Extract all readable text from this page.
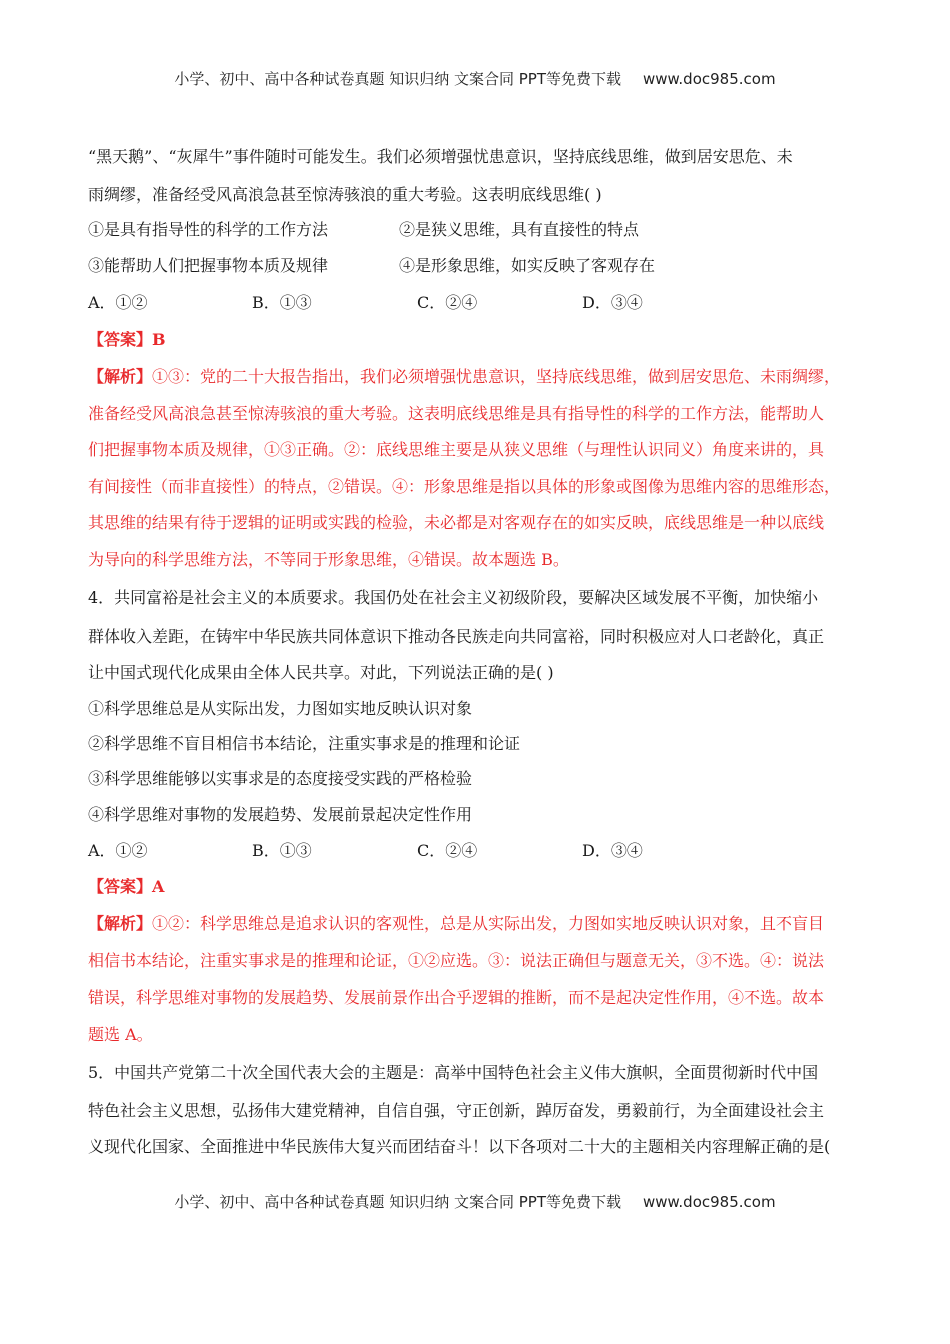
小学、初中、高中各种试卷真题 知识归纳 文案合同 PPT等免费下载 www.doc985.com
“黑天鹅”、“灰犀牛”事件随时可能发生。我们必须增强忧患意识，坚持底线思维，做到居安思危、未
雨绸缪，准备经受风高浪急甚至惊涛骇浪的重大考验。这表明底线思维( )
①是具有指导性的科学的工作方法	②是狭义思维，具有直接性的特点
③能帮助人们把握事物本质及规律	④是形象思维，如实反映了客观存在
A．①②	B．①③	C．②④	D．③④
【答案】B
【解析】①③：党的二十大报告指出，我们必须增强忧患意识，坚持底线思维，做到居安思危、未雨绸缪，
准备经受风高浪急甚至惊涛骇浪的重大考验。这表明底线思维是具有指导性的科学的工作方法，能帮助人
们把握事物本质及规律，①③正确。②：底线思维主要是从狭义思维（与理性认识同义）角度来讲的，具
有间接性（而非直接性）的特点，②错误。④：形象思维是指以具体的形象或图像为思维内容的思维形态，
其思维的结果有待于逻辑的证明或实践的检验，未必都是对客观存在的如实反映，底线思维是一种以底线
为导向的科学思维方法，不等同于形象思维，④错误。故本题选 B。
4．共同富裕是社会主义的本质要求。我国仍处在社会主义初级阶段，要解决区域发展不平衡，加快缩小
群体收入差距，在铸牢中华民族共同体意识下推动各民族走向共同富裕，同时积极应对人口老龄化，真正
让中国式现代化成果由全体人民共享。对此，下列说法正确的是( )
①科学思维总是从实际出发，力图如实地反映认识对象
②科学思维不盲目相信书本结论，注重实事求是的推理和论证
③科学思维能够以实事求是的态度接受实践的严格检验
④科学思维对事物的发展趋势、发展前景起决定性作用
A．①②	B．①③	C．②④	D．③④
【答案】A
【解析】①②：科学思维总是追求认识的客观性，总是从实际出发，力图如实地反映认识对象，且不盲目
相信书本结论，注重实事求是的推理和论证，①②应选。③：说法正确但与题意无关，③不选。④：说法
错误，科学思维对事物的发展趋势、发展前景作出合乎逻辑的推断，而不是起决定性作用，④不选。故本
题选 A。
5．中国共产党第二十次全国代表大会的主题是：高举中国特色社会主义伟大旗帜，全面贯彻新时代中国
特色社会主义思想，弘扬伟大建党精神，自信自强，守正创新，踔厉奋发，勇毅前行，为全面建设社会主
义现代化国家、全面推进中华民族伟大复兴而团结奋斗！以下各项对二十大的主题相关内容理解正确的是(
小学、初中、高中各种试卷真题 知识归纳 文案合同 PPT等免费下载 www.doc985.com
